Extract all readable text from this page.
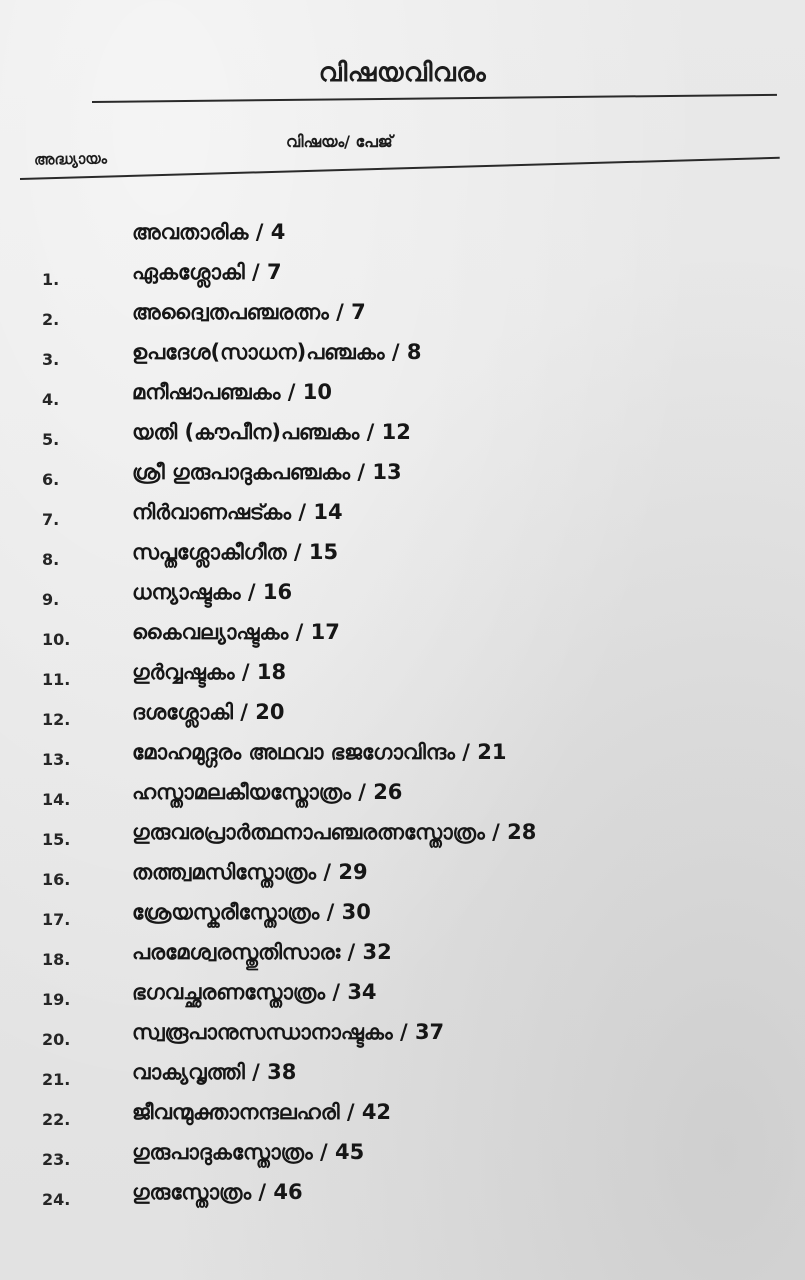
വിഷയവിവരം
വിഷയം/ പേജ്
അദ്ധ്യായം
അവതാരിക / 4
1.	ഏകശ്ലോകി / 7
2.	അദ്വൈതപഞ്ചരത്നം / 7
3.	ഉപദേശ(സാധന)പഞ്ചകം / 8
4.	മനീഷാപഞ്ചകം / 10
5.	യതി (കൗപീന)പഞ്ചകം / 12
6.	ശ്രീ ഗുരുപാദുകപഞ്ചകം / 13
7.	നിർവാണഷട്കം / 14
8.	സപ്തശ്ലോകീഗീത / 15
9.	ധന്യാഷ്ടകം / 16
10.	കൈവല്യാഷ്ടകം / 17
11.	ഗുർവ്വഷ്ടകം / 18
12.	ദശശ്ലോകി / 20
13.	മോഹമുദ്ഗരം അഥവാ ഭജഗോവിന്ദം / 21
14.	ഹസ്താമലകീയസ്തോത്രം / 26
15.	ഗുരുവരപ്രാർത്ഥനാപഞ്ചരത്നസ്തോത്രം / 28
16.	തത്ത്വമസിസ്തോത്രം / 29
17.	ശ്രേയസ്കരീസ്തോത്രം / 30
18.	പരമേശ്വരസ്തുതിസാരഃ / 32
19.	ഭഗവച്ഛരണസ്തോത്രം / 34
20.	സ്വരൂപാനുസന്ധാനാഷ്ടകം / 37
21.	വാക്യവൃത്തി / 38
22.	ജീവന്മുക്താനന്ദലഹരി / 42
23.	ഗുരുപാദുകസ്തോത്രം / 45
24.	ഗുരുസ്തോത്രം / 46
